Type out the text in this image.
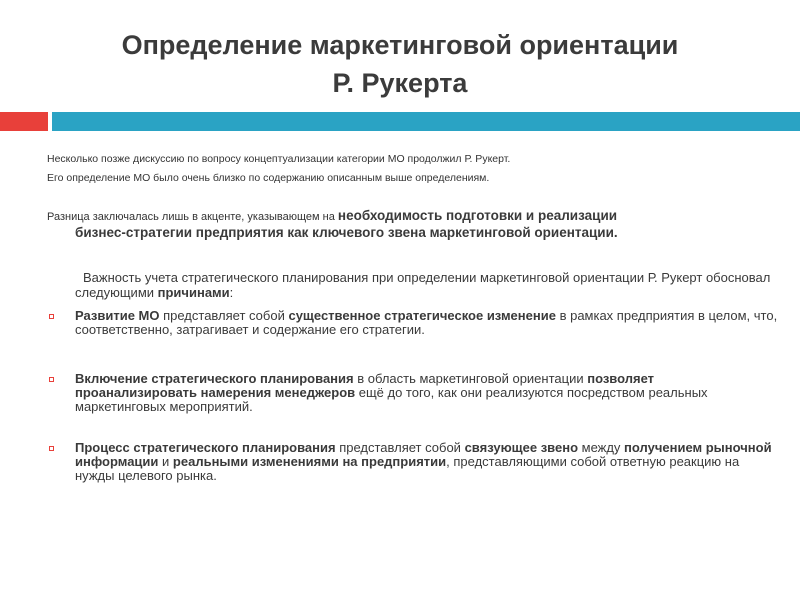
Определение маркетинговой ориентации
Р. Рукерта
Несколько позже дискуссию по вопросу концептуализации категории МО продолжил Р. Рукерт.
Его определение МО было очень близко по содержанию описанным выше определениям.
Разница заключалась лишь в акценте, указывающем на необходимость подготовки и реализации
бизнес-стратегии предприятия как ключевого звена маркетинговой ориентации.
Важность учета стратегического планирования при определении маркетинговой ориентации Р. Рукерт обосновал следующими причинами:
Развитие МО представляет собой существенное стратегическое изменение в рамках предприятия в целом, что, соответственно, затрагивает и содержание его стратегии.
Включение стратегического планирования в область маркетинговой ориентации позволяет проанализировать намерения менеджеров ещё до того, как они реализуются посредством реальных маркетинговых мероприятий.
Процесс стратегического планирования представляет собой связующее звено между получением рыночной информации и реальными изменениями на предприятии, представляющими собой ответную реакцию на нужды целевого рынка.
